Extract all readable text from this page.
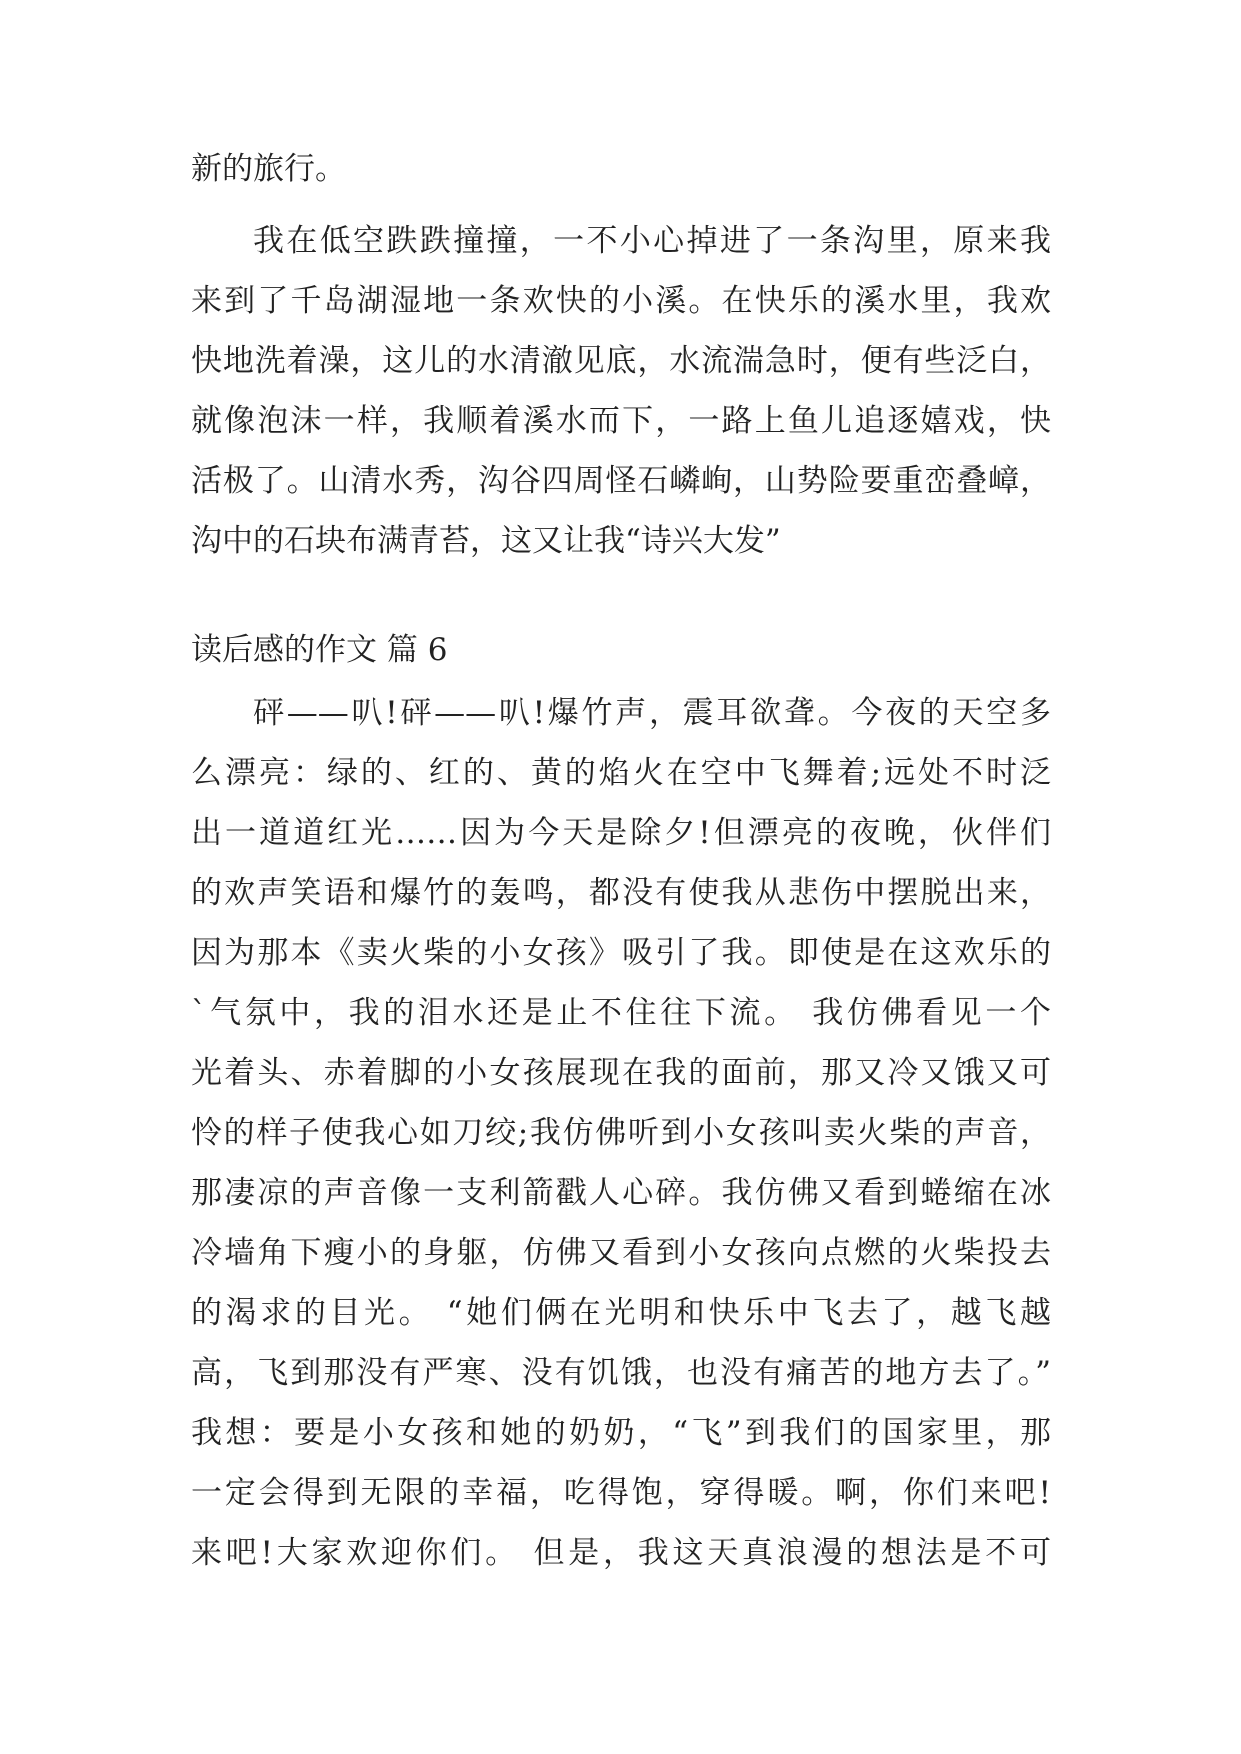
新的旅行。
我在低空跌跌撞撞，一不小心掉进了一条沟里，原来我
来到了千岛湖湿地一条欢快的小溪。在快乐的溪水里，我欢
快地洗着澡，这儿的水清澈见底，水流湍急时，便有些泛白，
就像泡沫一样，我顺着溪水而下，一路上鱼儿追逐嬉戏，快
活极了。山清水秀，沟谷四周怪石嶙峋，山势险要重峦叠嶂，
沟中的石块布满青苔，这又让我“诗兴大发”
读后感的作文 篇 6
砰——叭!砰——叭!爆竹声，震耳欲聋。今夜的天空多
么漂亮：绿的、红的、黄的焰火在空中飞舞着;远处不时泛
出一道道红光……因为今天是除夕!但漂亮的夜晚，伙伴们
的欢声笑语和爆竹的轰鸣，都没有使我从悲伤中摆脱出来，
因为那本《卖火柴的小女孩》吸引了我。即使是在这欢乐的
`气氛中，我的泪水还是止不住往下流。 我仿佛看见一个
光着头、赤着脚的小女孩展现在我的面前，那又冷又饿又可
怜的样子使我心如刀绞;我仿佛听到小女孩叫卖火柴的声音，
那凄凉的声音像一支利箭戳人心碎。我仿佛又看到蜷缩在冰
冷墙角下瘦小的身躯，仿佛又看到小女孩向点燃的火柴投去
的渴求的目光。 “她们俩在光明和快乐中飞去了，越飞越
高，飞到那没有严寒、没有饥饿，也没有痛苦的地方去了。”
我想：要是小女孩和她的奶奶，“飞”到我们的国家里，那
一定会得到无限的幸福，吃得饱，穿得暖。啊，你们来吧!
来吧!大家欢迎你们。 但是，我这天真浪漫的想法是不可
